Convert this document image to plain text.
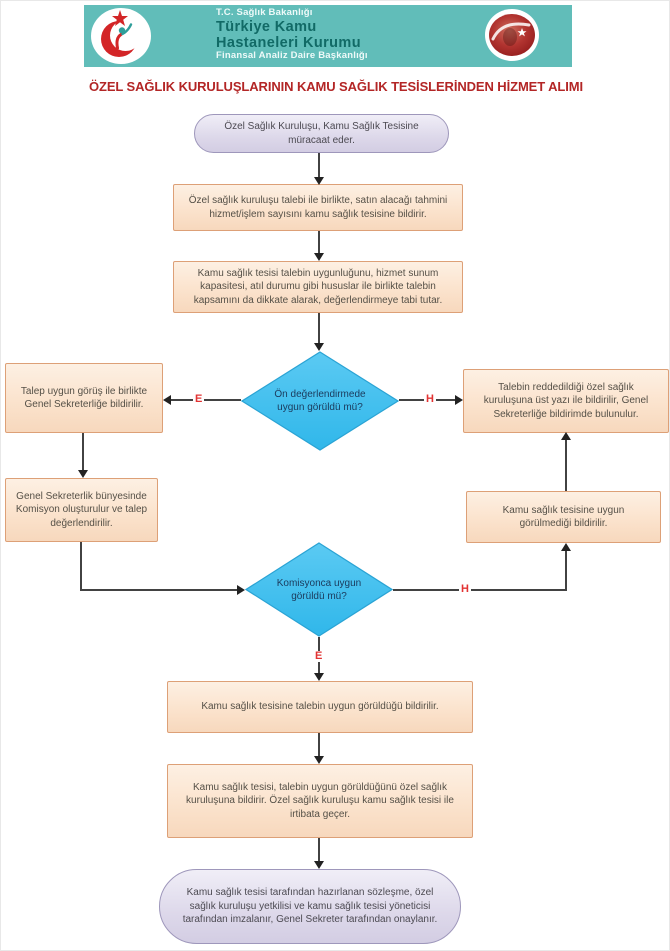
T.C. Sağlık Bakanlığı
Türkiye Kamu
Hastaneleri Kurumu
Finansal Analiz Daire Başkanlığı
ÖZEL SAĞLIK KURULUŞLARININ KAMU SAĞLIK TESİSLERİNDEN HİZMET ALIMI
Özel Sağlık Kuruluşu, Kamu Sağlık Tesisine müracaat eder.
Özel sağlık kuruluşu talebi ile birlikte, satın alacağı tahmini hizmet/işlem sayısını kamu sağlık tesisine bildirir.
Kamu sağlık tesisi talebin uygunluğunu, hizmet sunum kapasitesi, atıl durumu gibi hususlar ile birlikte talebin kapsamını da dikkate alarak, değerlendirmeye tabi tutar.
Ön değerlendirmede uygun görüldü mü?
Talep uygun görüş ile birlikte Genel Sekreterliğe bildirilir.
Genel Sekreterlik bünyesinde Komisyon oluşturulur ve talep değerlendirilir.
Talebin reddedildiği özel sağlık kuruluşuna üst yazı ile bildirilir, Genel Sekreterliğe bildirimde bulunulur.
Kamu sağlık tesisine uygun görülmediği bildirilir.
Komisyonca uygun görüldü mü?
Kamu sağlık tesisine talebin uygun görüldüğü bildirilir.
Kamu sağlık tesisi, talebin uygun görüldüğünü özel sağlık kuruluşuna bildirir. Özel sağlık kuruluşu kamu sağlık tesisi ile irtibata geçer.
Kamu sağlık tesisi tarafından hazırlanan sözleşme, özel sağlık kuruluşu yetkilisi ve kamu sağlık tesisi yöneticisi tarafından imzalanır, Genel Sekreter tarafından onaylanır.
E	H
H
E
